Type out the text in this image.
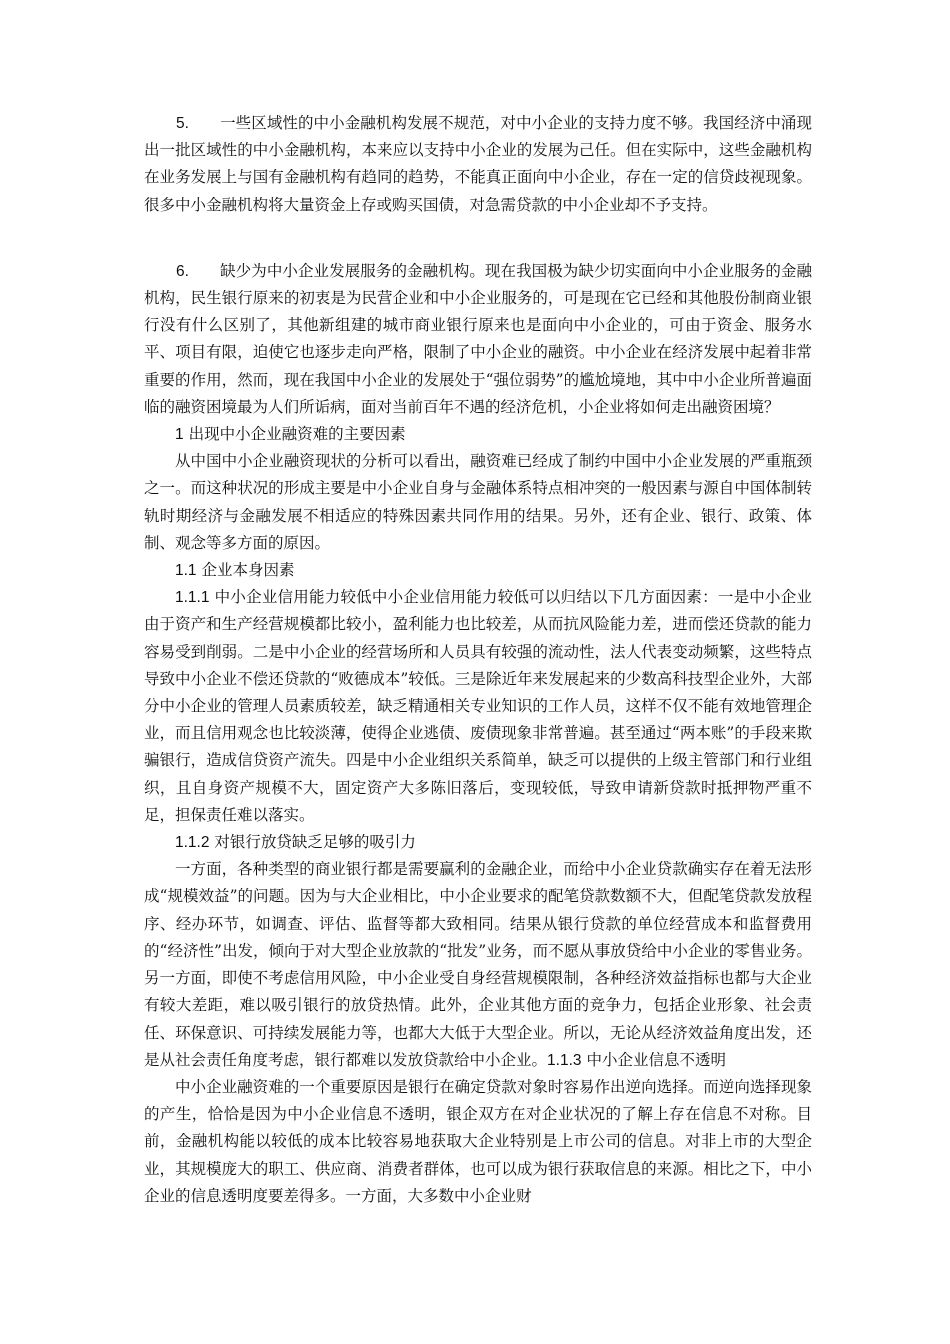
5. 一些区域性的中小金融机构发展不规范，对中小企业的支持力度不够。我国经济中涌现出一批区域性的中小金融机构，本来应以支持中小企业的发展为己任。但在实际中，这些金融机构在业务发展上与国有金融机构有趋同的趋势，不能真正面向中小企业，存在一定的信贷歧视现象。很多中小金融机构将大量资金上存或购买国债，对急需贷款的中小企业却不予支持。

6. 缺少为中小企业发展服务的金融机构。现在我国极为缺少切实面向中小企业服务的金融机构，民生银行原来的初衷是为民营企业和中小企业服务的，可是现在它已经和其他股份制商业银行没有什么区别了，其他新组建的城市商业银行原来也是面向中小企业的，可由于资金、服务水平、项目有限，迫使它也逐步走向严格，限制了中小企业的融资。中小企业在经济发展中起着非常重要的作用，然而，现在我国中小企业的发展处于“强位弱势”的尴尬境地，其中中小企业所普遍面临的融资困境最为人们所诟病，面对当前百年不遇的经济危机，小企业将如何走出融资困境？

1 出现中小企业融资难的主要因素

从中国中小企业融资现状的分析可以看出，融资难已经成了制约中国中小企业发展的严重瓶颈之一。而这种状况的形成主要是中小企业自身与金融体系特点相冲突的一般因素与源自中国体制转轨时期经济与金融发展不相适应的特殊因素共同作用的结果。另外，还有企业、银行、政策、体制、观念等多方面的原因。

1.1 企业本身因素

1.1.1 中小企业信用能力较低中小企业信用能力较低可以归结以下几方面因素：一是中小企业由于资产和生产经营规模都比较小，盈利能力也比较差，从而抗风险能力差，进而偿还贷款的能力容易受到削弱。二是中小企业的经营场所和人员具有较强的流动性，法人代表变动频繁，这些特点导致中小企业不偿还贷款的“败德成本”较低。三是除近年来发展起来的少数高科技型企业外，大部分中小企业的管理人员素质较差，缺乏精通相关专业知识的工作人员，这样不仅不能有效地管理企业，而且信用观念也比较淡薄，使得企业逃债、废债现象非常普遍。甚至通过“两本账”的手段来欺骗银行，造成信贷资产流失。四是中小企业组织关系简单，缺乏可以提供的上级主管部门和行业组织，且自身资产规模不大，固定资产大多陈旧落后，变现较低，导致申请新贷款时抵押物严重不足，担保责任难以落实。

1.1.2 对银行放贷缺乏足够的吸引力

一方面，各种类型的商业银行都是需要赢利的金融企业，而给中小企业贷款确实存在着无法形成“规模效益”的问题。因为与大企业相比，中小企业要求的配笔贷款数额不大，但配笔贷款发放程序、经办环节，如调查、评估、监督等都大致相同。结果从银行贷款的单位经营成本和监督费用的“经济性”出发，倾向于对大型企业放款的“批发”业务，而不愿从事放贷给中小企业的零售业务。另一方面，即使不考虑信用风险，中小企业受自身经营规模限制，各种经济效益指标也都与大企业有较大差距，难以吸引银行的放贷热情。此外，企业其他方面的竞争力，包括企业形象、社会责任、环保意识、可持续发展能力等，也都大大低于大型企业。所以，无论从经济效益角度出发，还是从社会责任角度考虑，银行都难以发放贷款给中小企业。1.1.3 中小企业信息不透明

中小企业融资难的一个重要原因是银行在确定贷款对象时容易作出逆向选择。而逆向选择现象的产生，恰恰是因为中小企业信息不透明，银企双方在对企业状况的了解上存在信息不对称。目前，金融机构能以较低的成本比较容易地获取大企业特别是上市公司的信息。对非上市的大型企业，其规模庞大的职工、供应商、消费者群体，也可以成为银行获取信息的来源。相比之下，中小企业的信息透明度要差得多。一方面，大多数中小企业财
